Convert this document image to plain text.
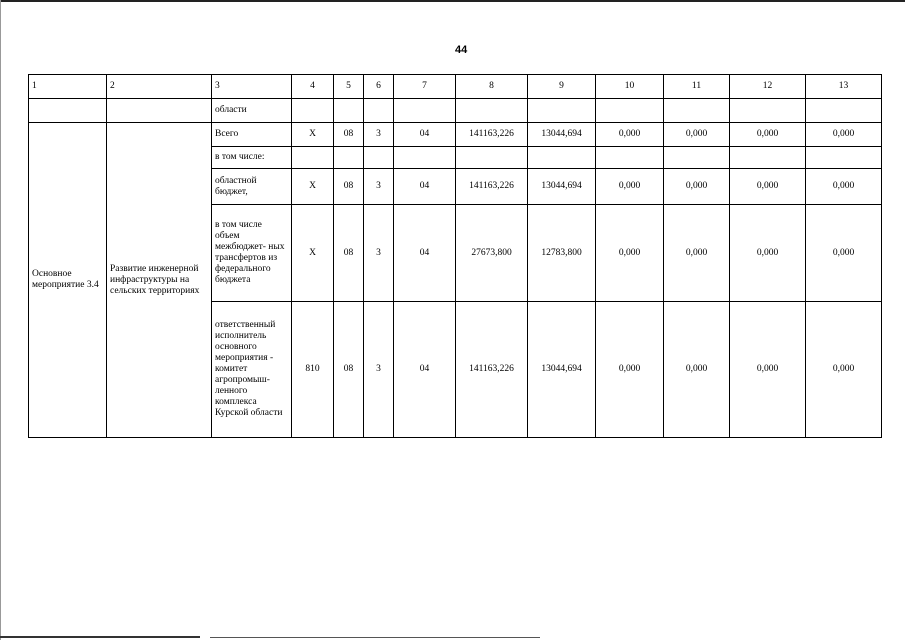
44
1	2	3	4	5	6	7	8	9	10	11	12	13
		области										
Основное мероприятие 3.4	Развитие инженерной инфраструктуры на сельских территориях	Всего	X	08	3	04	141163,226	13044,694	0,000	0,000	0,000	0,000
		в том числе:										
		областной бюджет,	X	08	3	04	141163,226	13044,694	0,000	0,000	0,000	0,000
		в том числе объем межбюджет- ных трансфертов из федерального бюджета	X	08	3	04	27673,800	12783,800	0,000	0,000	0,000	0,000
		ответственный исполнитель основного мероприятия - комитет агропромыш- ленного комплекса Курской области	810	08	3	04	141163,226	13044,694	0,000	0,000	0,000	0,000
